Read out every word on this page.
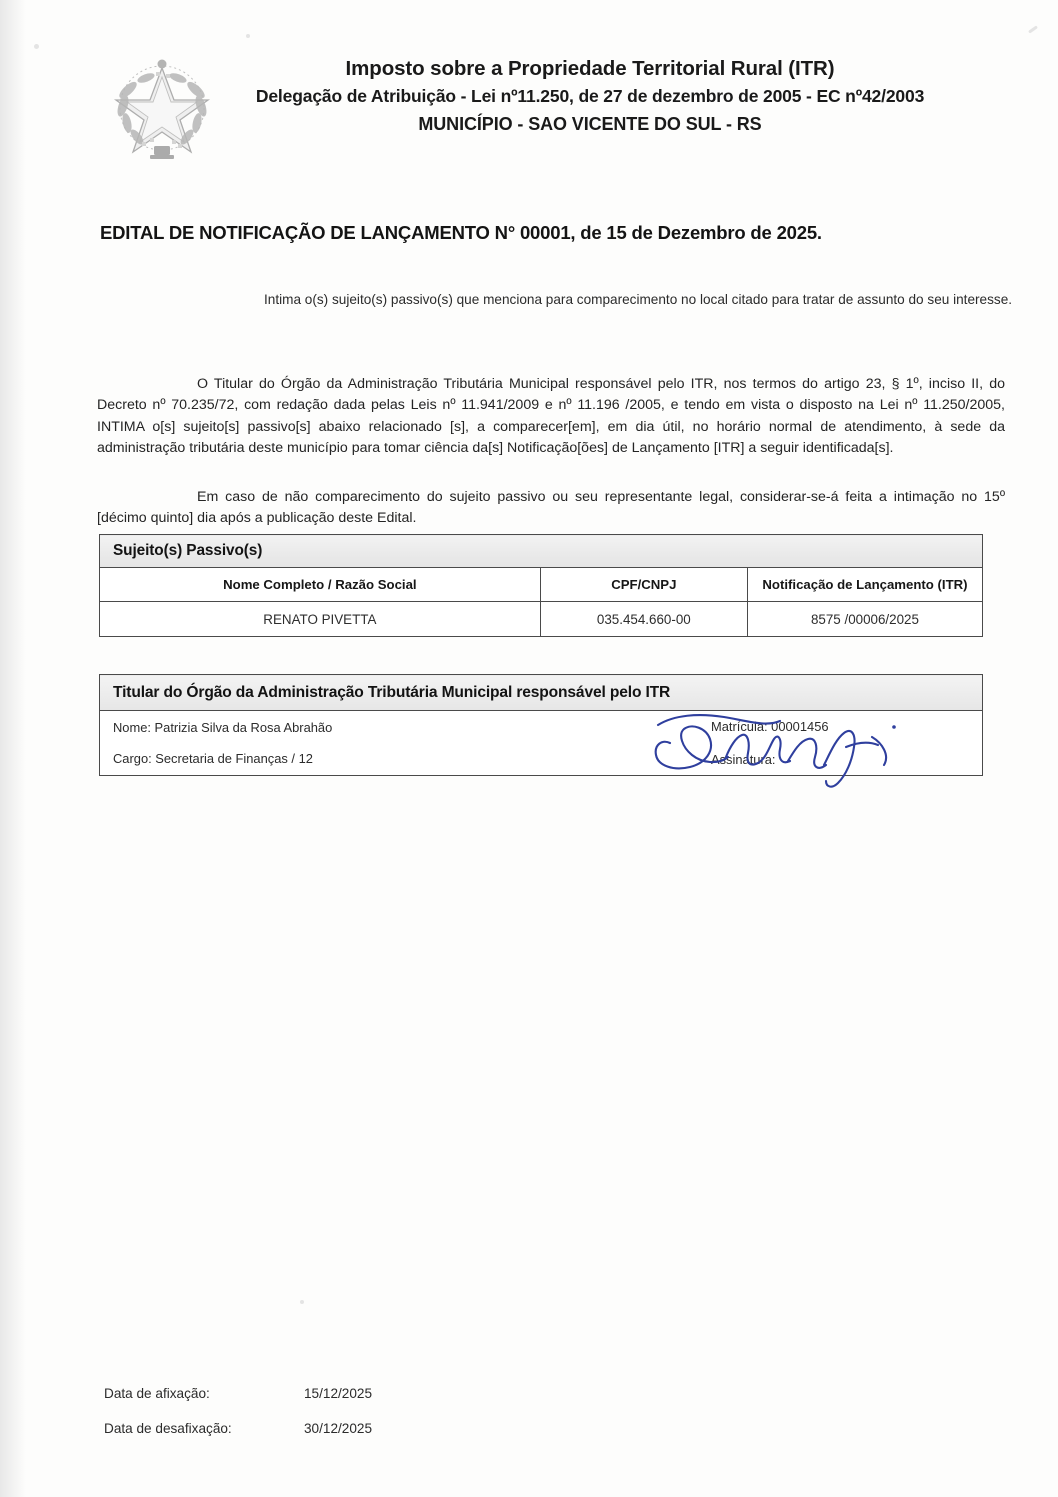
Imposto sobre a Propriedade Territorial Rural (ITR)
Delegação de Atribuição - Lei nº11.250, de 27 de dezembro de 2005 - EC nº42/2003
MUNICÍPIO - SAO VICENTE DO SUL - RS
EDITAL DE NOTIFICAÇÃO DE LANÇAMENTO N° 00001, de 15 de Dezembro de 2025.
Intima o(s) sujeito(s) passivo(s) que menciona para comparecimento no local citado para tratar de assunto do seu interesse.
O Titular do Órgão da Administração Tributária Municipal responsável pelo ITR, nos termos do artigo 23, § 1º, inciso II, do Decreto nº 70.235/72, com redação dada pelas Leis nº 11.941/2009 e nº 11.196 /2005, e tendo em vista o disposto na Lei nº 11.250/2005, INTIMA o[s] sujeito[s] passivo[s] abaixo relacionado [s], a comparecer[em], em dia útil, no horário normal de atendimento, à sede da administração tributária deste município para tomar ciência da[s] Notificação[ões] de Lançamento [ITR] a seguir identificada[s].
Em caso de não comparecimento do sujeito passivo ou seu representante legal, considerar-se-á feita a intimação no 15º [décimo quinto] dia após a publicação deste Edital.
Sujeito(s) Passivo(s)		
Nome Completo / Razão Social	CPF/CNPJ	Notificação de Lançamento (ITR)
RENATO PIVETTA	035.454.660-00	8575 /00006/2025
Titular do Órgão da Administração Tributária Municipal responsável pelo ITR

Nome: Patrizia Silva da Rosa Abrahão
Cargo: Secretaria de Finanças / 12
Matrícula: 00001456
Assinatura:
Data de afixação:	15/12/2025
Data de desafixação:	30/12/2025
